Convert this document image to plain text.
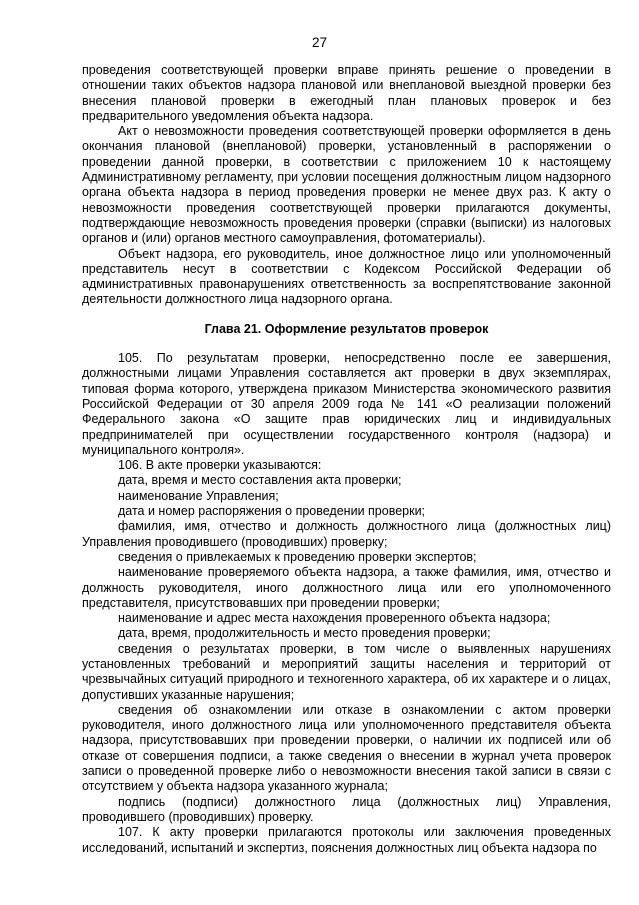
27

проведения соответствующей проверки вправе принять решение о проведении в отношении таких объектов надзора плановой или внеплановой выездной проверки без внесения плановой проверки в ежегодный план плановых проверок и без предварительного уведомления объекта надзора.

Акт о невозможности проведения соответствующей проверки оформляется в день окончания плановой (внеплановой) проверки, установленный в распоряжении о проведении данной проверки, в соответствии с приложением 10 к настоящему Административному регламенту, при условии посещения должностным лицом надзорного органа объекта надзора в период проведения проверки не менее двух раз. К акту о невозможности проведения соответствующей проверки прилагаются документы, подтверждающие невозможность проведения проверки (справки (выписки) из налоговых органов и (или) органов местного самоуправления, фотоматериалы).

Объект надзора, его руководитель, иное должностное лицо или уполномоченный представитель несут в соответствии с Кодексом Российской Федерации об административных правонарушениях ответственность за воспрепятствование законной деятельности должностного лица надзорного органа.

Глава 21. Оформление результатов проверок

105. По результатам проверки, непосредственно после ее завершения, должностными лицами Управления составляется акт проверки в двух экземплярах, типовая форма которого, утверждена приказом Министерства экономического развития Российской Федерации от 30 апреля 2009 года № 141 «О реализации положений Федерального закона «О защите прав юридических лиц и индивидуальных предпринимателей при осуществлении государственного контроля (надзора) и муниципального контроля».

106. В акте проверки указываются:

дата, время и место составления акта проверки;

наименование Управления;

дата и номер распоряжения о проведении проверки;

фамилия, имя, отчество и должность должностного лица (должностных лиц) Управления проводившего (проводивших) проверку;

сведения о привлекаемых к проведению проверки экспертов;

наименование проверяемого объекта надзора, а также фамилия, имя, отчество и должность руководителя, иного должностного лица или его уполномоченного представителя, присутствовавших при проведении проверки;

наименование и адрес места нахождения проверенного объекта надзора;

дата, время, продолжительность и место проведения проверки;

сведения о результатах проверки, в том числе о выявленных нарушениях установленных требований и мероприятий защиты населения и территорий от чрезвычайных ситуаций природного и техногенного характера, об их характере и о лицах, допустивших указанные нарушения;

сведения об ознакомлении или отказе в ознакомлении с актом проверки руководителя, иного должностного лица или уполномоченного представителя объекта надзора, присутствовавших при проведении проверки, о наличии их подписей или об отказе от совершения подписи, а также сведения о внесении в журнал учета проверок записи о проведенной проверке либо о невозможности внесения такой записи в связи с отсутствием у объекта надзора указанного журнала;

подпись (подписи) должностного лица (должностных лиц) Управления, проводившего (проводивших) проверку.

107. К акту проверки прилагаются протоколы или заключения проведенных исследований, испытаний и экспертиз, пояснения должностных лиц объекта надзора по
